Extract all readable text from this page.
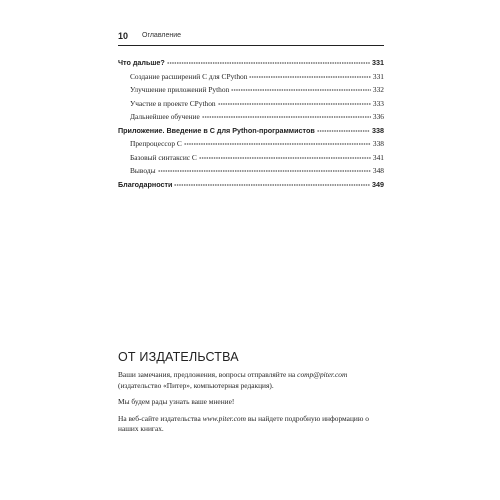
10 Оглавление
Что дальше?	331
Создание расширений С для CPython	331
Улучшение приложений Python	332
Участие в проекте CPython	333
Дальнейшее обучение	336
Приложение. Введение в С для Python-программистов	338
Препроцессор С	338
Базовый синтаксис С	341
Выводы	348
Благодарности	349
ОТ ИЗДАТЕЛЬСТВА

Ваши замечания, предложения, вопросы отправляйте на comp@piter.com (издательство «Питер», компьютерная редакция).

Мы будем рады узнать ваше мнение!

На веб-сайте издательства www.piter.com вы найдете подробную информацию о наших книгах.
